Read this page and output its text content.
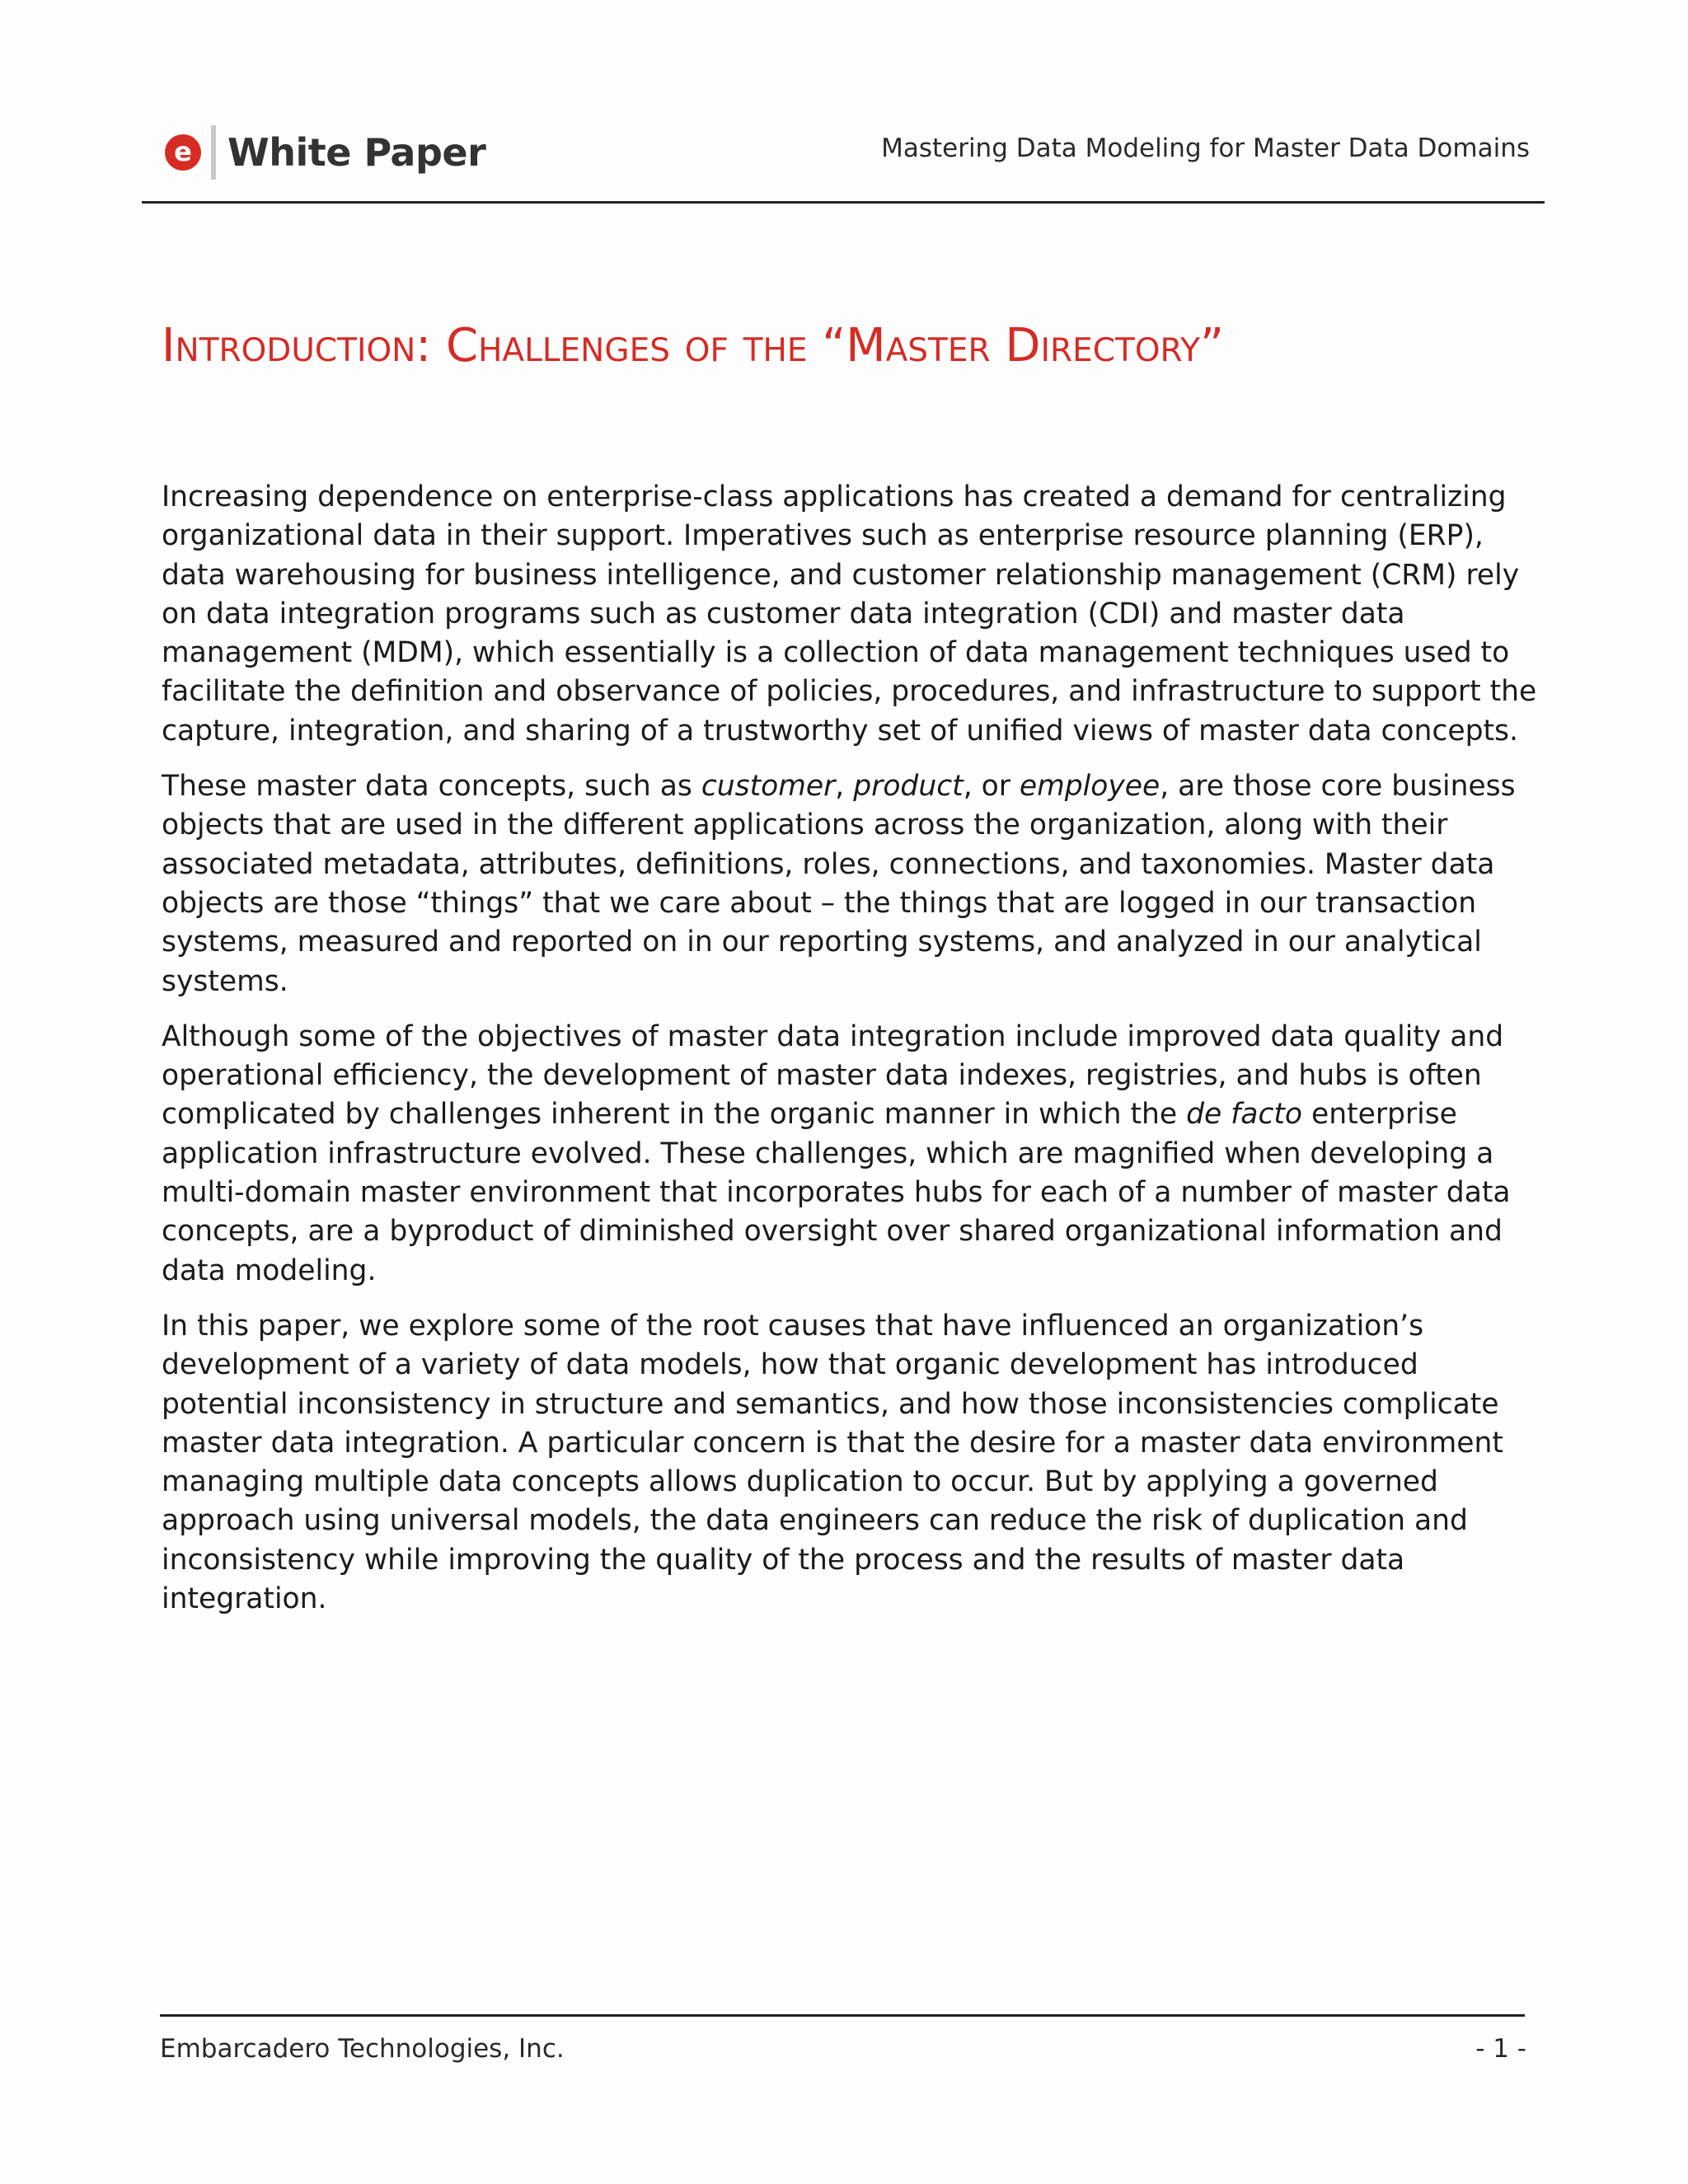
e White Paper	Mastering Data Modeling for Master Data Domains
Introduction: Challenges of the “Master Directory”

Increasing dependence on enterprise-class applications has created a demand for centralizing organizational data in their support. Imperatives such as enterprise resource planning (ERP), data warehousing for business intelligence, and customer relationship management (CRM) rely on data integration programs such as customer data integration (CDI) and master data management (MDM), which essentially is a collection of data management techniques used to facilitate the definition and observance of policies, procedures, and infrastructure to support the capture, integration, and sharing of a trustworthy set of unified views of master data concepts.

These master data concepts, such as customer, product, or employee, are those core business objects that are used in the different applications across the organization, along with their associated metadata, attributes, definitions, roles, connections, and taxonomies. Master data objects are those “things” that we care about – the things that are logged in our transaction systems, measured and reported on in our reporting systems, and analyzed in our analytical systems.

Although some of the objectives of master data integration include improved data quality and operational efficiency, the development of master data indexes, registries, and hubs is often complicated by challenges inherent in the organic manner in which the de facto enterprise application infrastructure evolved. These challenges, which are magnified when developing a multi-domain master environment that incorporates hubs for each of a number of master data concepts, are a byproduct of diminished oversight over shared organizational information and data modeling.

In this paper, we explore some of the root causes that have influenced an organization’s development of a variety of data models, how that organic development has introduced potential inconsistency in structure and semantics, and how those inconsistencies complicate master data integration. A particular concern is that the desire for a master data environment managing multiple data concepts allows duplication to occur. But by applying a governed approach using universal models, the data engineers can reduce the risk of duplication and inconsistency while improving the quality of the process and the results of master data integration.

Embarcadero Technologies, Inc.	- 1 -
